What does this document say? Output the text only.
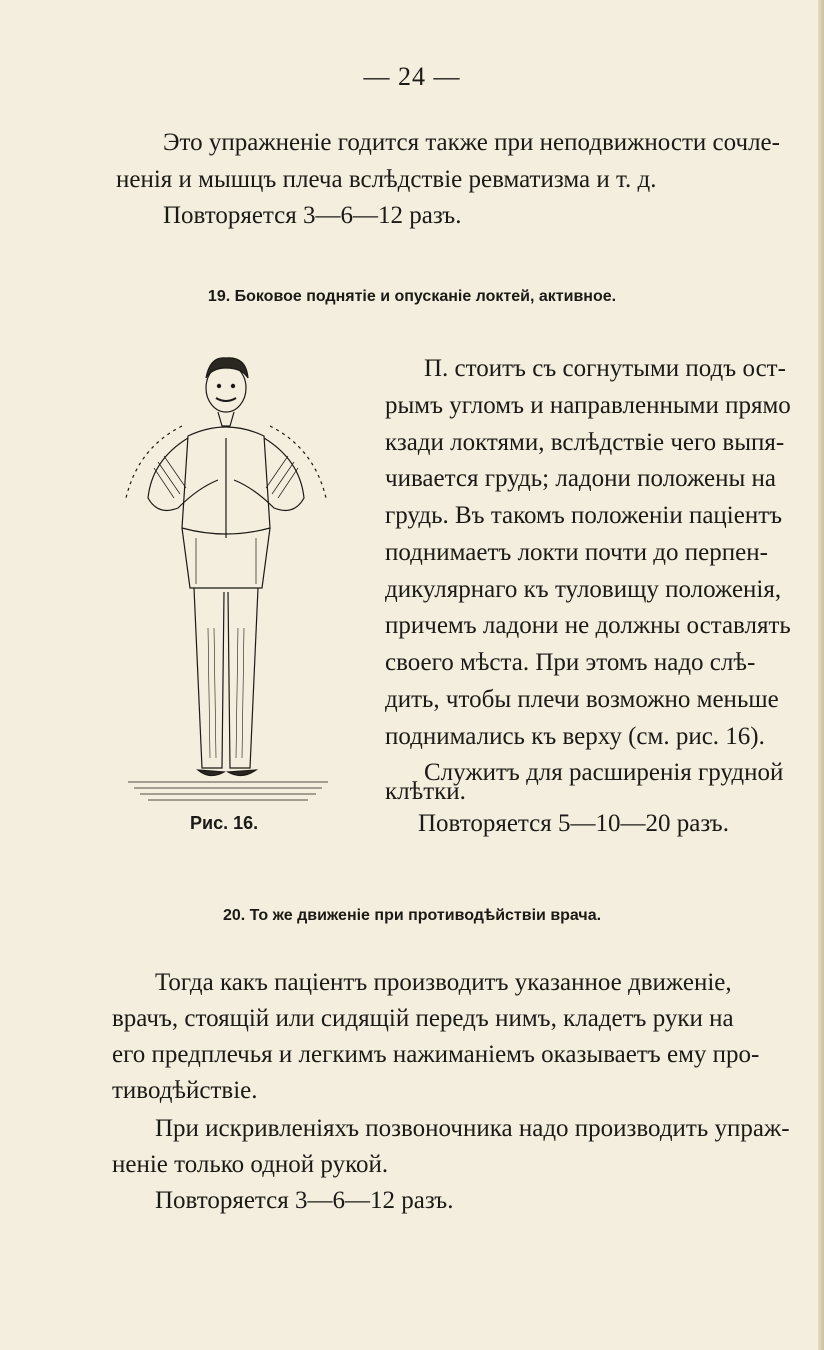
— 24 —
Это упражненіе годится также при неподвижности сочле-
ненія и мышцъ плеча вслѣдствіе ревматизма и т. д.
Повторяется 3—6—12 разъ.
19. Боковое поднятіе и опусканіе локтей, активное.
Рис. 16.
П. стоитъ съ согнутыми подъ ост-
рымъ угломъ и направленными прямо
кзади локтями, вслѣдствіе чего выпя-
чивается грудь; ладони положены на
грудь. Въ такомъ положеніи паціентъ
поднимаетъ локти почти до перпен-
дикулярнаго къ туловищу положенія,
причемъ ладони не должны оставлять
своего мѣста. При этомъ надо слѣ-
дить, чтобы плечи возможно меньше
поднимались къ верху (см. рис. 16).
Служитъ для расширенія грудной
клѣтки.
Повторяется 5—10—20 разъ.
20. То же движеніе при противодѣйствіи врача.
Тогда какъ паціентъ производитъ указанное движеніе,
врачъ, стоящій или сидящій передъ нимъ, кладетъ руки на
его предплечья и легкимъ нажиманіемъ оказываетъ ему про-
тиводѣйствіе.
При искривленіяхъ позвоночника надо производить упраж-
неніе только одной рукой.
Повторяется 3—6—12 разъ.
